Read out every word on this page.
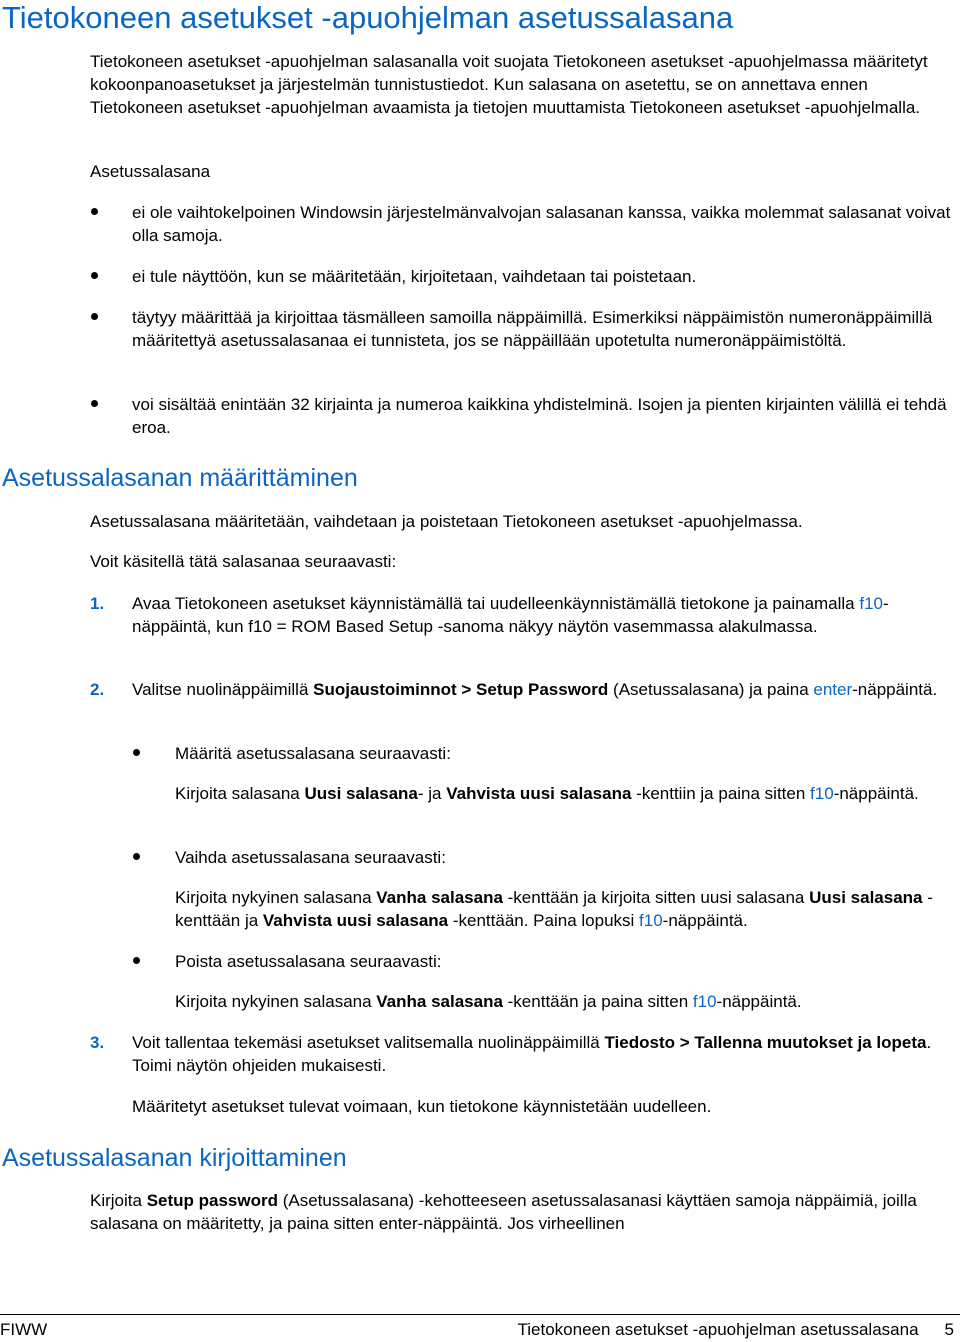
Tietokoneen asetukset -apuohjelman asetussalasana

Tietokoneen asetukset -apuohjelman salasanalla voit suojata Tietokoneen asetukset -apuohjelmassa määritetyt kokoonpanoasetukset ja järjestelmän tunnistustiedot. Kun salasana on asetettu, se on annettava ennen Tietokoneen asetukset -apuohjelman avaamista ja tietojen muuttamista Tietokoneen asetukset -apuohjelmalla.

Asetussalasana

ei ole vaihtokelpoinen Windowsin järjestelmänvalvojan salasanan kanssa, vaikka molemmat salasanat voivat olla samoja.

ei tule näyttöön, kun se määritetään, kirjoitetaan, vaihdetaan tai poistetaan.

täytyy määrittää ja kirjoittaa täsmälleen samoilla näppäimillä. Esimerkiksi näppäimistön numeronäppäimillä määritettyä asetussalasanaa ei tunnisteta, jos se näppäillään upotetulta numeronäppäimistöltä.

voi sisältää enintään 32 kirjainta ja numeroa kaikkina yhdistelminä. Isojen ja pienten kirjainten välillä ei tehdä eroa.

Asetussalasanan määrittäminen

Asetussalasana määritetään, vaihdetaan ja poistetaan Tietokoneen asetukset -apuohjelmassa.

Voit käsitellä tätä salasanaa seuraavasti:

1. Avaa Tietokoneen asetukset käynnistämällä tai uudelleenkäynnistämällä tietokone ja painamalla f10-näppäintä, kun f10 = ROM Based Setup -sanoma näkyy näytön vasemmassa alakulmassa.

2. Valitse nuolinäppäimillä Suojaustoiminnot > Setup Password (Asetussalasana) ja paina enter-näppäintä.

Määritä asetussalasana seuraavasti:

Kirjoita salasana Uusi salasana- ja Vahvista uusi salasana -kenttiin ja paina sitten f10-näppäintä.

Vaihda asetussalasana seuraavasti:

Kirjoita nykyinen salasana Vanha salasana -kenttään ja kirjoita sitten uusi salasana Uusi salasana -kenttään ja Vahvista uusi salasana -kenttään. Paina lopuksi f10-näppäintä.

Poista asetussalasana seuraavasti:

Kirjoita nykyinen salasana Vanha salasana -kenttään ja paina sitten f10-näppäintä.

3. Voit tallentaa tekemäsi asetukset valitsemalla nuolinäppäimillä Tiedosto > Tallenna muutokset ja lopeta. Toimi näytön ohjeiden mukaisesti.

Määritetyt asetukset tulevat voimaan, kun tietokone käynnistetään uudelleen.

Asetussalasanan kirjoittaminen

Kirjoita Setup password (Asetussalasana) -kehotteeseen asetussalasanasi käyttäen samoja näppäimiä, joilla salasana on määritetty, ja paina sitten enter-näppäintä. Jos virheellinen

FIWW	Tietokoneen asetukset -apuohjelman asetussalasana 5
